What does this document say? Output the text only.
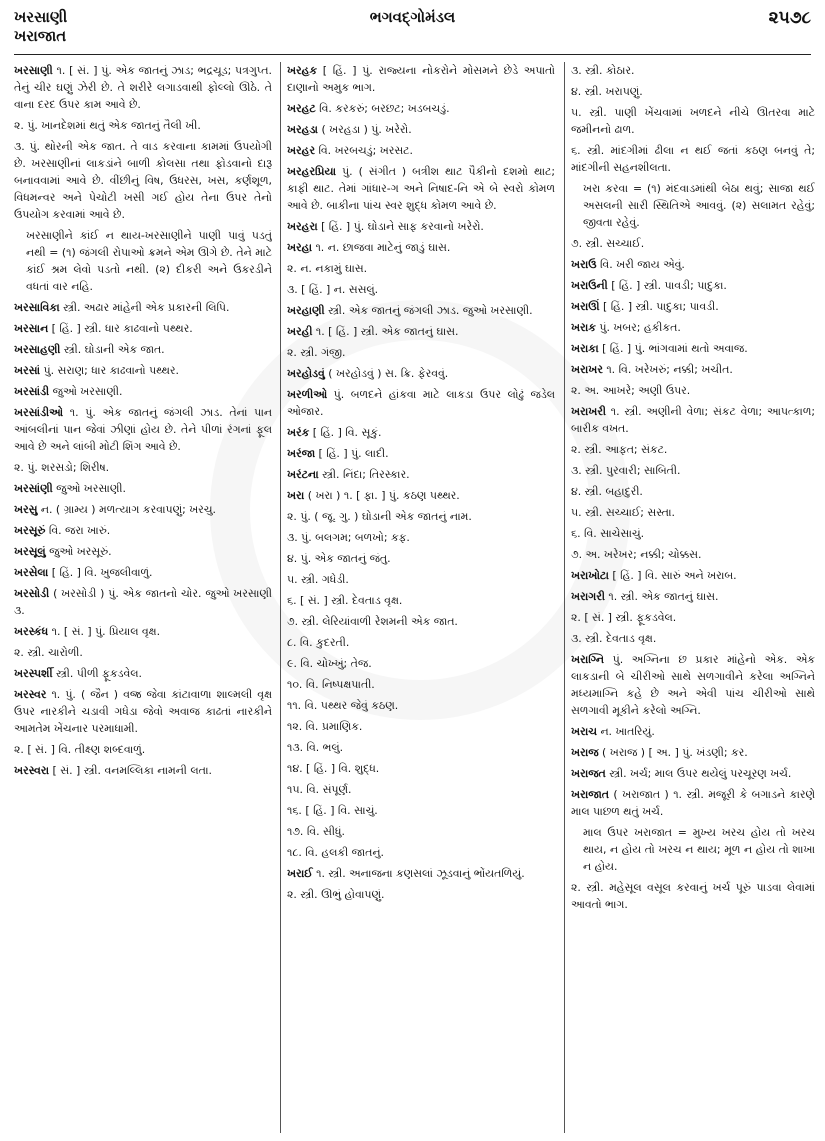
ખરસાણી
ખરાજાત
ભગવદ્ગોમંડલ	૨૫૭૮

ખરસાણી ૧. [ સં. ] પું. એક જાતનું ઝાડ; ભદ્રચૂડ; પત્રગુપ્ત. તેનું ચીર ઘણું ઝેરી છે. તે શરીરે લગાડવાથી ફોલ્લો ઊઠે. તે વાના દરદ ઉપર કામ આવે છે.

૨. પું. ખાનદેશમાં થતું એક જાતનું તૈલી ખી.

૩. પું. થોરની એક જાત. તે વાડ કરવાના કામમાં ઉપયોગી છે. ખરસાણીનાં લાકડાંને બાળી કોલસા તથા ફોડવાનો દારૂ બનાવવામાં આવે છે. વીંછીનું વિષ, ઉધરસ, ખસ, કર્ણશૂળ, વિધમન્વર અને પેચોટી ખસી ગઈ હોય તેના ઉપર તેનો ઉપયોગ કરવામાં આવે છે.

ખરસાણીને કાંઈ ન થાય-ખરસાણીને પાણી પાવું પડતું નથી = (૧) જંગલી રોપાઓ ક્રમને એમ ઊગે છે. તેને માટે કાંઈ શ્રમ લેવો પડતો નથી. (૨) દીકરી અને ઉકરડીને વધતાં વાર નહિ.

ખરસાવિકા સ્ત્રી. અઢાર માંહેની એક પ્રકારની લિપિ.

ખરસાન [ હિં. ] સ્ત્રી. ધાર કાઢવાનો પથ્થર.

ખરસાહણી સ્ત્રી. ઘોડાની એક જાત.

ખરસાં પું. સરાણ; ધાર કાઢવાનો પથ્થર.

ખરસાંડી જુઓ ખરસાણી.

ખરસાંડીઓ ૧. પું. એક જાતનું જંગલી ઝાડ. તેનાં પાન આંબલીનાં પાન જેવાં ઝીણાં હોય છે. તેને પીળાં રંગનાં ફૂલ આવે છે અને લાંબી મોટી શિંગ આવે છે.

૨. પું. શરસડો; શિરીષ.

ખરસાંણી જુઓ ખરસાણી.

ખરસુ ન. ( ગ્રામ્ય ) મળત્યાગ કરવાપણું; ખરચુ.

ખરસૂરું વિ. જરા ખારું.

ખરસૂલું જુઓ ખરસૂરું.

ખરસેલા [ હિં. ] વિ. ખુજલીવાળું.

ખરસોડી ( ખરસોડી ) પું. એક જાતનો ચોર. જુઓ ખરસાણી ૩.

ખરસ્કંધ ૧. [ સં. ] પું. પ્રિયાલ વૃક્ષ.

૨. સ્ત્રી. ચારોળી.

ખરસ્પર્શી સ્ત્રી. પીળી ફૂકડવેલ.

ખરસ્વર ૧. પું. ( જૈન ) વજ્ર જેવા કાંટાવાળા શાલ્મલી વૃક્ષ ઉપર નારકીને ચડાવી ગધેડા જેવો અવાજ કાઢતાં નારકીને આમતેમ ખેંચનાર પરમાધામી.

૨. [ સં. ] વિ. તીક્ષ્ણ શબ્દવાળું.

ખરસ્વરા [ સં. ] સ્ત્રી. વનમલ્લિકા નામની લતા.

ખરહક [ હિં. ] પું. રાજ્યના નોકરોને મોસમને છેડે અપાતો દાણાનો અમુક ભાગ.

ખરહટ વિ. કરકરું; બરછટ; ખડબચડું.

ખરહડા ( ખરહડા ) પું. ખરેરો.

ખરહર વિ. ખરબચડું; ખરસટ.

ખરહરપ્રિયા પું. ( સંગીત ) બત્રીશ થાટ પૈકીનો દશમો થાટ; કાફી થાટ. તેમાં ગાંધાર-ગ અને નિષાદ-નિ એ બે સ્વરો કોમળ આવે છે. બાકીના પાંચ સ્વર શુદ્ધ કોમળ આવે છે.

ખરહરા [ હિં. ] પું. ઘોડાને સાફ કરવાનો ખરેરો.

ખરહા ૧. ન. છાજવા માટેનું જાડું ઘાસ.

૨. ન. નકામું ઘાસ.

૩. [ હિં. ] ન. સસલું.

ખરહાણી સ્ત્રી. એક જાતનું જંગલી ઝાડ. જુઓ ખરસાણી.

ખરહી ૧. [ હિં. ] સ્ત્રી. એક જાતનું ઘાસ.

૨. સ્ત્રી. ગંજી.

ખરહોડવું ( ખરહોડવું ) સ. ક્રિ. ફેરવવું.

ખરળીઓ પું. બળદને હાંકવા માટે લાકડા ઉપર લોઢું જડેલ ઓજાર.

ખરંક [ હિં. ] વિ. સૂકું.

ખરંજા [ હિં. ] પું. લાદી.

ખરંટના સ્ત્રી. નિંદા; તિરસ્કાર.

ખરા ( ખરા ) ૧. [ ફા. ] પું. કઠણ પથ્થર.

૨. પું. ( જૂ. ગુ. ) ઘોડાની એક જાતનું નામ.

૩. પું. બલગમ; બળખો; કફ.

૪. પું. એક જાતનું જંતુ.

૫. સ્ત્રી. ગધેડી.

૬. [ સં. ] સ્ત્રી. દેવતાડ વૃક્ષ.

૭. સ્ત્રી. લેરિયાંવાળી રેશમની એક જાત.

૮. વિ. કુદરતી.

૯. વિ. ચોખ્ખું; તેજ.

૧૦. વિ. નિષ્પક્ષપાતી.

૧૧. વિ. પથ્થર જેવું કઠણ.

૧૨. વિ. પ્રમાણિક.

૧૩. વિ. ભલું.

૧૪. [ હિં. ] વિ. શુદ્ધ.

૧૫. વિ. સંપૂર્ણ.

૧૬. [ હિં. ] વિ. સાચું.

૧૭. વિ. સીધું.

૧૮. વિ. હલકી જાતનું.

ખરાઈ ૧. સ્ત્રી. અનાજના કણસલાં ઝૂડવાનું ભોંયતળિયું.

૨. સ્ત્રી. ઊભું હોવાપણું.

૩. સ્ત્રી. કોઠાર.

૪. સ્ત્રી. ખરાપણું.

૫. સ્ત્રી. પાણી ખેંચવામાં ખળદને નીચે ઊતરવા માટે જમીનનો ઢાળ.

૬. સ્ત્રી. માંદગીમાં ઢીલા ન થઈ જતાં કઠણ બનવું તે; માંદગીની સહનશીલતા.

ખરા કરવા = (૧) મંદવાડમાંથી બેઠા થવું; સાજા થઈ અસલની સારી સ્થિતિએ આવવું. (૨) સલામત રહેવું; જીવતા રહેવું.

૭. સ્ત્રી. સચ્ચાઈ.

ખરાઉ વિ. ખરી જાય એવું.

ખરાઉની [ હિં. ] સ્ત્રી. પાવડી; પાદુકા.

ખરાઊં [ હિં. ] સ્ત્રી. પાદુકા; પાવડી.

ખરાક પું. ખબર; હકીકત.

ખરાકા [ હિં. ] પું. ભાંગવામાં થતો અવાજ.

ખરાખર ૧. વિ. ખરેખરું; નક્કી; ખચીત.

૨. અ. આખરે; અણી ઉપર.

ખરાખરી ૧. સ્ત્રી. અણીની વેળા; સંકટ વેળા; આપત્કાળ; બારીક વખત.

૨. સ્ત્રી. આફત; સંકટ.

૩. સ્ત્રી. પુરવારી; સાબિતી.

૪. સ્ત્રી. બહાદુરી.

૫. સ્ત્રી. સચ્ચાઈ; સસ્તા.

૬. વિ. સાચેસાચું.

૭. અ. ખરેખર; નક્કી; ચોક્કસ.

ખરાખોટા [ હિં. ] વિ. સારું અને ખરાબ.

ખરાગરી ૧. સ્ત્રી. એક જાતનું ઘાસ.

૨. [ સં. ] સ્ત્રી. ફૂકડવેલ.

૩. સ્ત્રી. દેવતાડ વૃક્ષ.

ખરાગ્નિ પું. અગ્નિના છ પ્રકાર માંહેનો એક. એક લાકડાની બે ચીરીઓ સાથે સળગાવીને કરેલા અગ્નિને મધ્યમાગ્નિ કહે છે અને એવી પાંચ ચીરીઓ સાથે સળગાવી મૂકીને કરેલો અગ્નિ.

ખરાચ ન. ખાતરિયું.

ખરાજ ( ખરાજ ) [ અ. ] પું. ખંડણી; કર.

ખરાજત સ્ત્રી. ખર્ચ; માલ ઉપર થયેલું પરચૂરણ ખર્ચ.

ખરાજાત ( ખરાજાત ) ૧. સ્ત્રી. મજૂરી કે બગાડને કારણે માલ પાછળ થતું ખર્ચ.

માલ ઉપર ખરાજાત = મુખ્ય ખરચ હોય તો ખરચ થાય, ન હોય તો ખરચ ન થાય; મૂળ ન હોય તો શાખા ન હોય.

૨. સ્ત્રી. મહેસૂલ વસૂલ કરવાનું ખર્ચ પૂરું પાડવા લેવામાં આવતો ભાગ.
